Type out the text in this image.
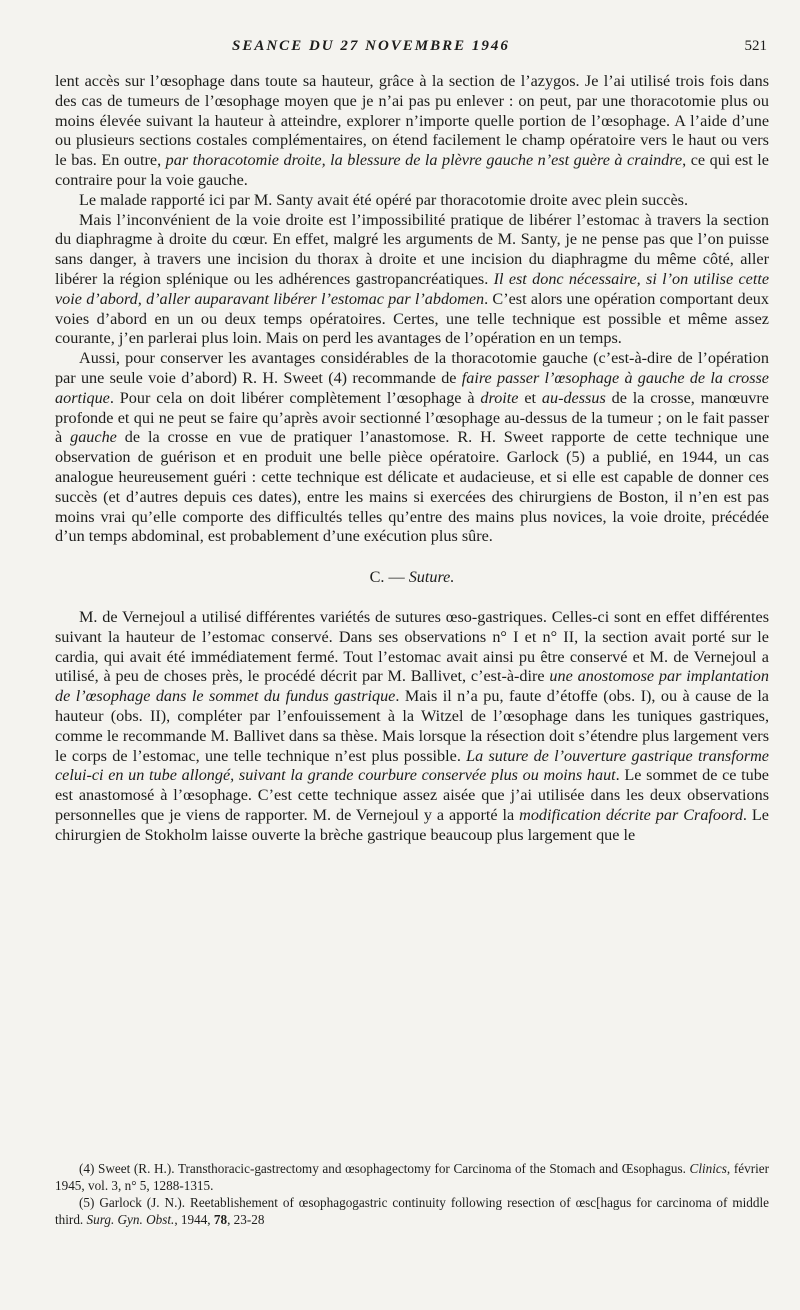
SEANCE DU 27 NOVEMBRE 1946	521

lent accès sur l’œsophage dans toute sa hauteur, grâce à la section de l’azygos. Je l’ai utilisé trois fois dans des cas de tumeurs de l’œsophage moyen que je n’ai pas pu enlever : on peut, par une thoracotomie plus ou moins élevée suivant la hauteur à atteindre, explorer n’importe quelle portion de l’œsophage. A l’aide d’une ou plusieurs sections costales complémentaires, on étend facilement le champ opératoire vers le haut ou vers le bas. En outre, par thoracotomie droite, la blessure de la plèvre gauche n’est guère à craindre, ce qui est le contraire pour la voie gauche.

Le malade rapporté ici par M. Santy avait été opéré par thoracotomie droite avec plein succès.

Mais l’inconvénient de la voie droite est l’impossibilité pratique de libérer l’estomac à travers la section du diaphragme à droite du cœur. En effet, malgré les arguments de M. Santy, je ne pense pas que l’on puisse sans danger, à travers une incision du thorax à droite et une incision du diaphragme du même côté, aller libérer la région splénique ou les adhérences gastropancréatiques. Il est donc nécessaire, si l’on utilise cette voie d’abord, d’aller auparavant libérer l’estomac par l’abdomen. C’est alors une opération comportant deux voies d’abord en un ou deux temps opératoires. Certes, une telle technique est possible et même assez courante, j’en parlerai plus loin. Mais on perd les avantages de l’opération en un temps.

Aussi, pour conserver les avantages considérables de la thoracotomie gauche (c’est-à-dire de l’opération par une seule voie d’abord) R. H. Sweet (4) recommande de faire passer l’œsophage à gauche de la crosse aortique. Pour cela on doit libérer complètement l’œsophage à droite et au-dessus de la crosse, manœuvre profonde et qui ne peut se faire qu’après avoir sectionné l’œsophage au-dessus de la tumeur ; on le fait passer à gauche de la crosse en vue de pratiquer l’anastomose. R. H. Sweet rapporte de cette technique une observation de guérison et en produit une belle pièce opératoire. Garlock (5) a publié, en 1944, un cas analogue heureusement guéri : cette technique est délicate et audacieuse, et si elle est capable de donner ces succès (et d’autres depuis ces dates), entre les mains si exercées des chirurgiens de Boston, il n’en est pas moins vrai qu’elle comporte des difficultés telles qu’entre des mains plus novices, la voie droite, précédée d’un temps abdominal, est probablement d’une exécution plus sûre.

C. — Suture.

M. de Vernejoul a utilisé différentes variétés de sutures œso-gastriques. Celles-ci sont en effet différentes suivant la hauteur de l’estomac conservé. Dans ses observations n° I et n° II, la section avait porté sur le cardia, qui avait été immédiatement fermé. Tout l’estomac avait ainsi pu être conservé et M. de Vernejoul a utilisé, à peu de choses près, le procédé décrit par M. Ballivet, c’est-à-dire une anostomose par implantation de l’œsophage dans le sommet du fundus gastrique. Mais il n’a pu, faute d’étoffe (obs. I), ou à cause de la hauteur (obs. II), compléter par l’enfouissement à la Witzel de l’œsophage dans les tuniques gastriques, comme le recommande M. Ballivet dans sa thèse. Mais lorsque la résection doit s’étendre plus largement vers le corps de l’estomac, une telle technique n’est plus possible. La suture de l’ouverture gastrique transforme celui-ci en un tube allongé, suivant la grande courbure conservée plus ou moins haut. Le sommet de ce tube est anastomosé à l’œsophage. C’est cette technique assez aisée que j’ai utilisée dans les deux observations personnelles que je viens de rapporter. M. de Vernejoul y a apporté la modification décrite par Crafoord. Le chirurgien de Stokholm laisse ouverte la brèche gastrique beaucoup plus largement que le

(4) Sweet (R. H.). Transthoracic-gastrectomy and œsophagectomy for Carcinoma of the Stomach and Œsophagus. Clinics, février 1945, vol. 3, n° 5, 1288-1315.

(5) Garlock (J. N.). Reetablishement of œsophagogastric continuity following resection of œsc[hagus for carcinoma of middle third. Surg. Gyn. Obst., 1944, 78, 23-28
